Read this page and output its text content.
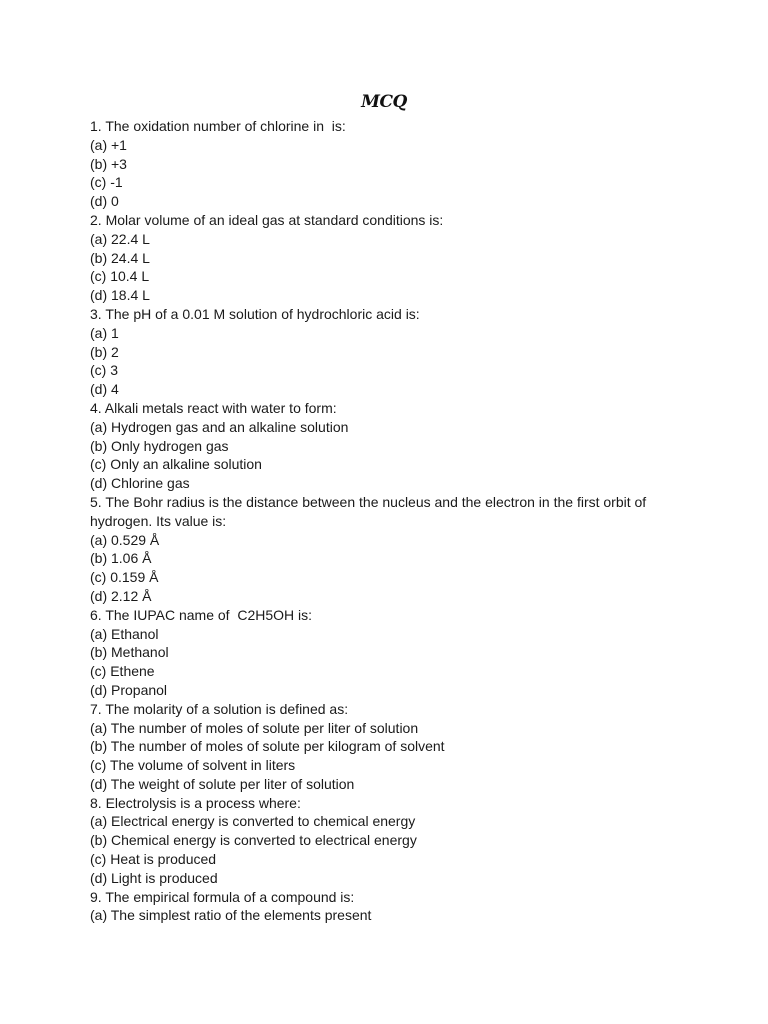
MCQ

1. The oxidation number of chlorine in  is:

(a) +1

(b) +3

(c) -1

(d) 0

2. Molar volume of an ideal gas at standard conditions is:

(a) 22.4 L

(b) 24.4 L

(c) 10.4 L

(d) 18.4 L

3. The pH of a 0.01 M solution of hydrochloric acid is:

(a) 1

(b) 2

(c) 3

(d) 4

4. Alkali metals react with water to form:

(a) Hydrogen gas and an alkaline solution

(b) Only hydrogen gas

(c) Only an alkaline solution

(d) Chlorine gas

5. The Bohr radius is the distance between the nucleus and the electron in the first orbit of hydrogen. Its value is:

(a) 0.529 Å

(b) 1.06 Å

(c) 0.159 Å

(d) 2.12 Å

6. The IUPAC name of  C2H5OH is:

(a) Ethanol

(b) Methanol

(c) Ethene

(d) Propanol

7. The molarity of a solution is defined as:

(a) The number of moles of solute per liter of solution

(b) The number of moles of solute per kilogram of solvent

(c) The volume of solvent in liters

(d) The weight of solute per liter of solution

8. Electrolysis is a process where:

(a) Electrical energy is converted to chemical energy

(b) Chemical energy is converted to electrical energy

(c) Heat is produced

(d) Light is produced

9. The empirical formula of a compound is:

(a) The simplest ratio of the elements present
